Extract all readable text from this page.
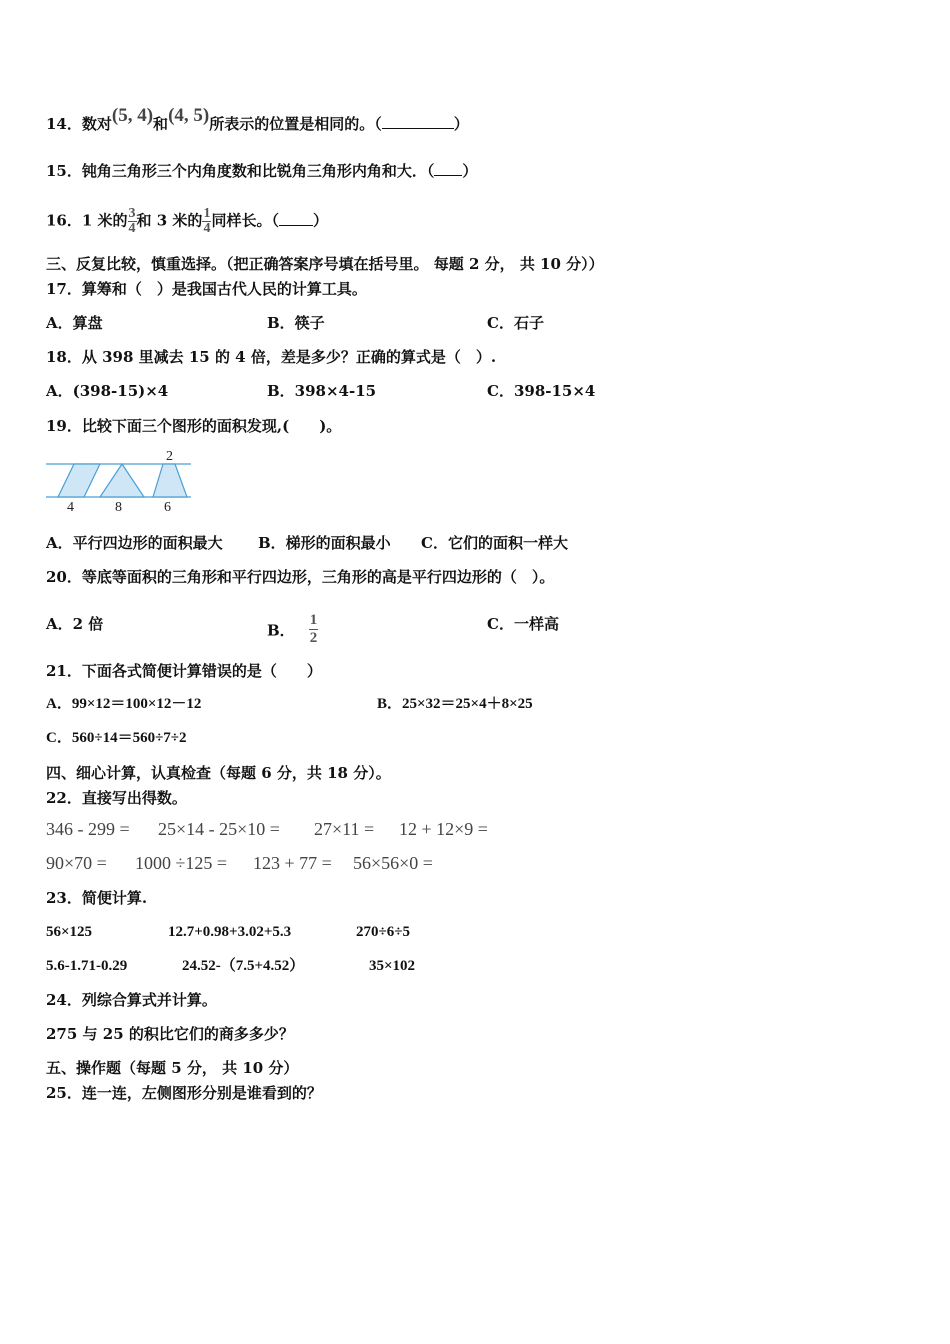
14．数对(5, 4)和(4, 5)所表示的位置是相同的。（	）
15．钝角三角形三个内角度数和比锐角三角形内角和大．（ ）
16．1 米的 $\frac{3}{4}$ 和 3 米的 $\frac{1}{4}$ 同样长。（ ）
三、反复比较，慎重选择。（把正确答案序号填在括号里。 每题 2 分， 共 10 分））
17．算筹和（　）是我国古代人民的计算工具。
A．算盘	B．筷子	C．石子
18．从 398 里减去 15 的 4 倍，差是多少？正确的算式是（　）.
A．(398-15)×4	B．398×4-15	C．398-15×4
19．比较下面三个图形的面积发现,(　　)。
2
4	8	6
A．平行四边形的面积最大 B．梯形的面积最小 C．它们的面积一样大
20．等底等面积的三角形和平行四边形，三角形的高是平行四边形的（　）。
A．2 倍	B． $\frac{1}{2}$	C．一样高
21．下面各式简便计算错误的是（　　）
A．99×12＝100×12－12	B．25×32＝25×4＋8×25
C．560÷14＝560÷7÷2
四、细心计算，认真检查（每题 6 分，共 18 分）。
22．直接写出得数。
346 - 299 = 25×14 - 25×10 = 27×11 = 12 + 12×9 =
90×70 = 1000 ÷125 = 123 + 77 = 56×56×0 =
23．简便计算.
56×125	12.7+0.98+3.02+5.3	270÷6÷5
5.6-1.71-0.29	24.52-（7.5+4.52）	35×102
24．列综合算式并计算。
275 与 25 的积比它们的商多多少？
五、操作题（每题 5 分， 共 10 分）
25．连一连，左侧图形分别是谁看到的？
